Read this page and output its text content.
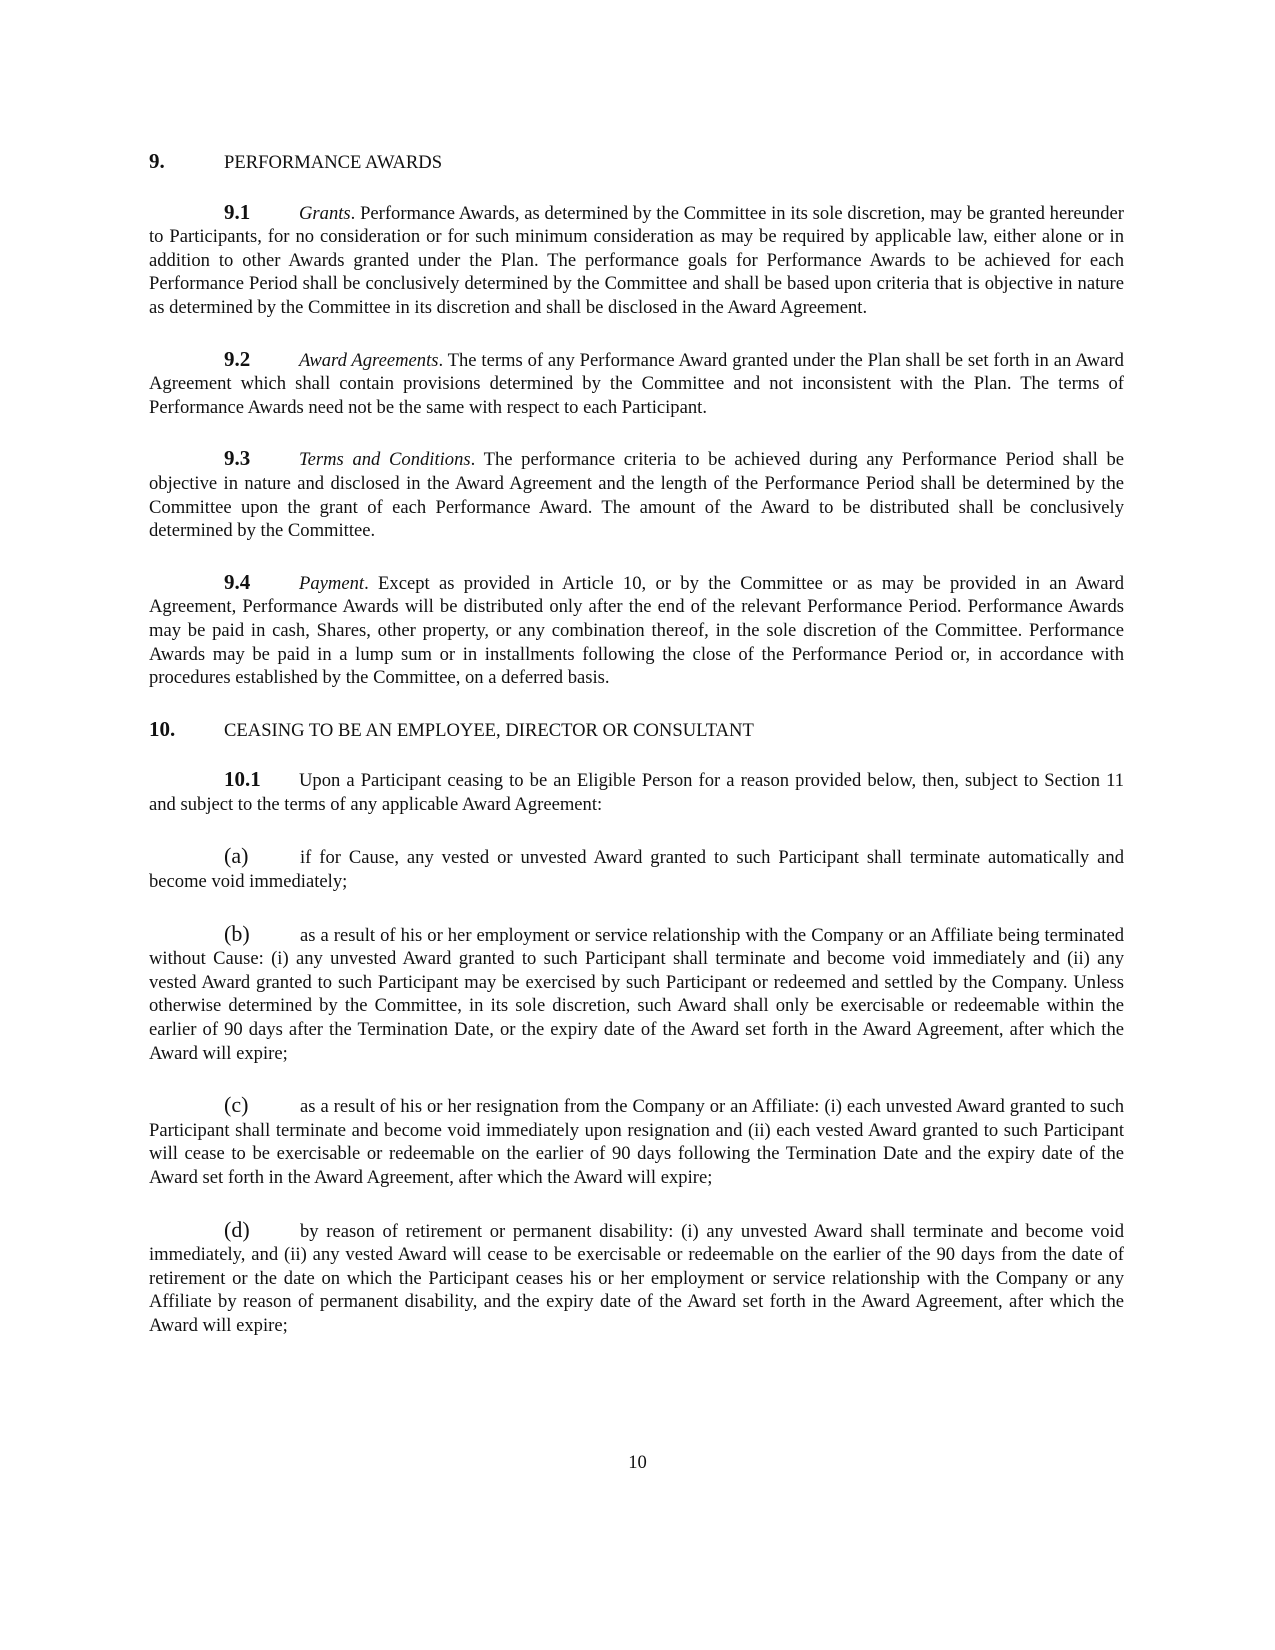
9.	PERFORMANCE AWARDS

9.1	Grants. Performance Awards, as determined by the Committee in its sole discretion, may be granted hereunder to Participants, for no consideration or for such minimum consideration as may be required by applicable law, either alone or in addition to other Awards granted under the Plan. The performance goals for Performance Awards to be achieved for each Performance Period shall be conclusively determined by the Committee and shall be based upon criteria that is objective in nature as determined by the Committee in its discretion and shall be disclosed in the Award Agreement.

9.2	Award Agreements. The terms of any Performance Award granted under the Plan shall be set forth in an Award Agreement which shall contain provisions determined by the Committee and not inconsistent with the Plan. The terms of Performance Awards need not be the same with respect to each Participant.

9.3	Terms and Conditions. The performance criteria to be achieved during any Performance Period shall be objective in nature and disclosed in the Award Agreement and the length of the Performance Period shall be determined by the Committee upon the grant of each Performance Award. The amount of the Award to be distributed shall be conclusively determined by the Committee.

9.4	Payment. Except as provided in Article 10, or by the Committee or as may be provided in an Award Agreement, Performance Awards will be distributed only after the end of the relevant Performance Period. Performance Awards may be paid in cash, Shares, other property, or any combination thereof, in the sole discretion of the Committee. Performance Awards may be paid in a lump sum or in installments following the close of the Performance Period or, in accordance with procedures established by the Committee, on a deferred basis.

10.	CEASING TO BE AN EMPLOYEE, DIRECTOR OR CONSULTANT

10.1 Upon a Participant ceasing to be an Eligible Person for a reason provided below, then, subject to Section 11 and subject to the terms of any applicable Award Agreement:

(a)	if for Cause, any vested or unvested Award granted to such Participant shall terminate automatically and become void immediately;

(b)	as a result of his or her employment or service relationship with the Company or an Affiliate being terminated without Cause: (i) any unvested Award granted to such Participant shall terminate and become void immediately and (ii) any vested Award granted to such Participant may be exercised by such Participant or redeemed and settled by the Company. Unless otherwise determined by the Committee, in its sole discretion, such Award shall only be exercisable or redeemable within the earlier of 90 days after the Termination Date, or the expiry date of the Award set forth in the Award Agreement, after which the Award will expire;

(c)	as a result of his or her resignation from the Company or an Affiliate: (i) each unvested Award granted to such Participant shall terminate and become void immediately upon resignation and (ii) each vested Award granted to such Participant will cease to be exercisable or redeemable on the earlier of 90 days following the Termination Date and the expiry date of the Award set forth in the Award Agreement, after which the Award will expire;

(d)	by reason of retirement or permanent disability: (i) any unvested Award shall terminate and become void immediately, and (ii) any vested Award will cease to be exercisable or redeemable on the earlier of the 90 days from the date of retirement or the date on which the Participant ceases his or her employment or service relationship with the Company or any Affiliate by reason of permanent disability, and the expiry date of the Award set forth in the Award Agreement, after which the Award will expire;

10
